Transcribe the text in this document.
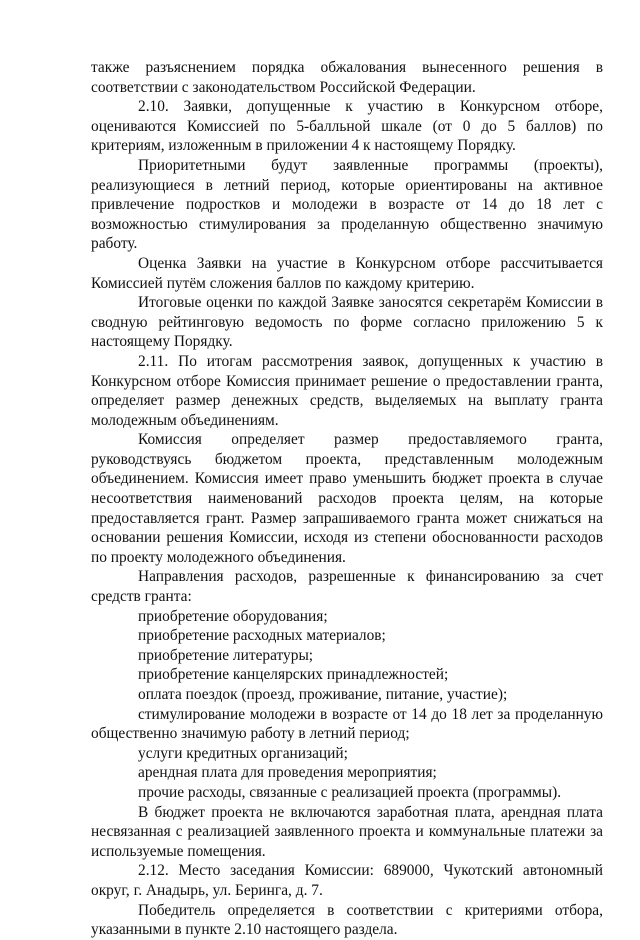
также разъяснением порядка обжалования вынесенного решения в соответствии с законодательством Российской Федерации.

2.10. Заявки, допущенные к участию в Конкурсном отборе, оцениваются Комиссией по 5-балльной шкале (от 0 до 5 баллов) по критериям, изложенным в приложении 4 к настоящему Порядку.

Приоритетными будут заявленные программы (проекты), реализующиеся в летний период, которые ориентированы на активное привлечение подростков и молодежи в возрасте от 14 до 18 лет с возможностью стимулирования за проделанную общественно значимую работу.

Оценка Заявки на участие в Конкурсном отборе рассчитывается Комиссией путём сложения баллов по каждому критерию.

Итоговые оценки по каждой Заявке заносятся секретарём Комиссии в сводную рейтинговую ведомость по форме согласно приложению 5 к настоящему Порядку.

2.11. По итогам рассмотрения заявок, допущенных к участию в Конкурсном отборе Комиссия принимает решение о предоставлении гранта, определяет размер денежных средств, выделяемых на выплату гранта молодежным объединениям.

Комиссия определяет размер предоставляемого гранта, руководствуясь бюджетом проекта, представленным молодежным объединением. Комиссия имеет право уменьшить бюджет проекта в случае несоответствия наименований расходов проекта целям, на которые предоставляется грант. Размер запрашиваемого гранта может снижаться на основании решения Комиссии, исходя из степени обоснованности расходов по проекту молодежного объединения.

Направления расходов, разрешенные к финансированию за счет средств гранта:

приобретение оборудования;

приобретение расходных материалов;

приобретение литературы;

приобретение канцелярских принадлежностей;

оплата поездок (проезд, проживание, питание, участие);

стимулирование молодежи в возрасте от 14 до 18 лет за проделанную общественно значимую работу в летний период;

услуги кредитных организаций;

арендная плата для проведения мероприятия;

прочие расходы, связанные с реализацией проекта (программы).

В бюджет проекта не включаются заработная плата, арендная плата несвязанная с реализацией заявленного проекта и коммунальные платежи за используемые помещения.

2.12. Место заседания Комиссии: 689000, Чукотский автономный округ, г. Анадырь, ул. Беринга, д. 7.

Победитель определяется в соответствии с критериями отбора, указанными в пункте 2.10 настоящего раздела.
